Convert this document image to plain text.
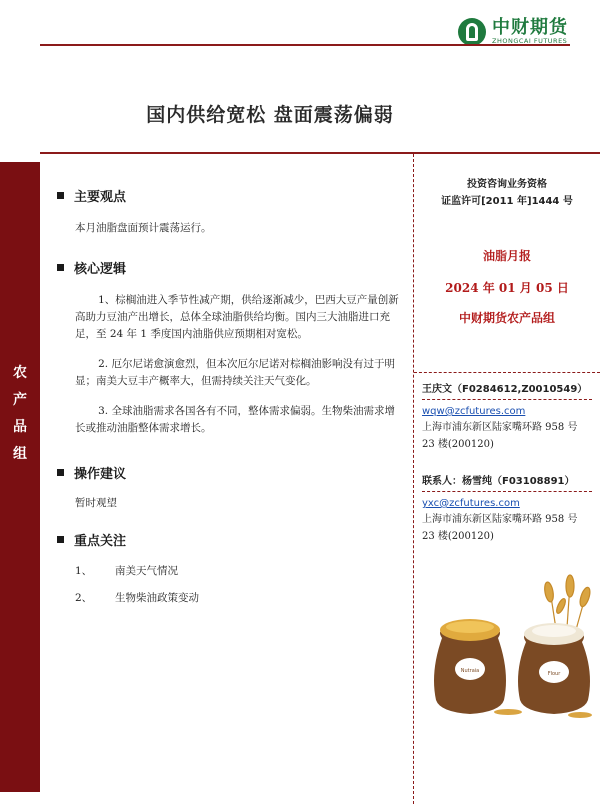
中财期货
ZHONGCAI FUTURES
国内供给宽松 盘面震荡偏弱
农
产
品
组
主要观点
本月油脂盘面预计震荡运行。
核心逻辑

1、棕榈油进入季节性减产期，供给逐渐减少，巴西大豆产量创新高助力豆油产出增长，总体全球油脂供给均衡。国内三大油脂进口充足，至 24 年 1 季度国内油脂供应预期相对宽松。

2. 厄尔尼诺愈演愈烈，但本次厄尔尼诺对棕榈油影响没有过于明显；南美大豆丰产概率大，但需持续关注天气变化。

3. 全球油脂需求各国各有不同，整体需求偏弱。生物柴油需求增长或推动油脂整体需求增长。

操作建议
暂时观望
重点关注
1、	南美天气情况
2、	生物柴油政策变动
投资咨询业务资格
证监许可[2011 年]1444 号
油脂月报
2024 年 01 月 05 日
中财期货农产品组
王庆文（F0284612,Z0010549）
wqw@zcfutures.com
上海市浦东新区陆家嘴环路 958 号 23 楼(200120)
联系人：杨雪纯（F03108891）
yxc@zcfutures.com
上海市浦东新区陆家嘴环路 958 号 23 楼(200120)
Nutraia	Flour
